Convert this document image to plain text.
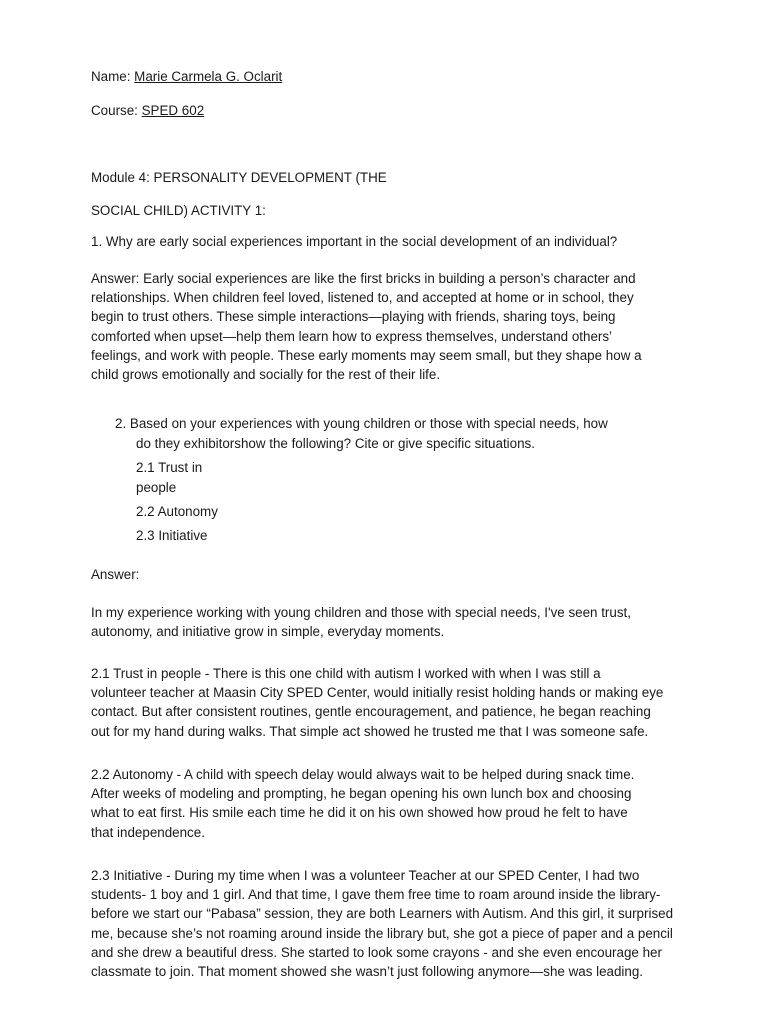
Name: Marie Carmela G. Oclarit
Course: SPED 602
Module 4: PERSONALITY DEVELOPMENT (THE
SOCIAL CHILD) ACTIVITY 1:
1. Why are early social experiences important in the social development of an individual?
Answer: Early social experiences are like the first bricks in building a person’s character and
relationships. When children feel loved, listened to, and accepted at home or in school, they
begin to trust others. These simple interactions—playing with friends, sharing toys, being
comforted when upset—help them learn how to express themselves, understand others’
feelings, and work with people. These early moments may seem small, but they shape how a
child grows emotionally and socially for the rest of their life.
2. Based on your experiences with young children or those with special needs, how
do they exhibitorshow the following? Cite or give specific situations.
2.1 Trust in
people
2.2 Autonomy
2.3 Initiative
Answer:
In my experience working with young children and those with special needs, I've seen trust,
autonomy, and initiative grow in simple, everyday moments.
2.1 Trust in people - There is this one child with autism I worked with when I was still a
volunteer teacher at Maasin City SPED Center, would initially resist holding hands or making eye
contact. But after consistent routines, gentle encouragement, and patience, he began reaching
out for my hand during walks. That simple act showed he trusted me that I was someone safe.
2.2 Autonomy - A child with speech delay would always wait to be helped during snack time.
After weeks of modeling and prompting, he began opening his own lunch box and choosing
what to eat first. His smile each time he did it on his own showed how proud he felt to have
that independence.
2.3 Initiative - During my time when I was a volunteer Teacher at our SPED Center, I had two
students- 1 boy and 1 girl. And that time, I gave them free time to roam around inside the library-
before we start our “Pabasa” session, they are both Learners with Autism. And this girl, it surprised
me, because she’s not roaming around inside the library but, she got a piece of paper and a pencil
and she drew a beautiful dress. She started to look some crayons - and she even encourage her
classmate to join. That moment showed she wasn’t just following anymore—she was leading.
